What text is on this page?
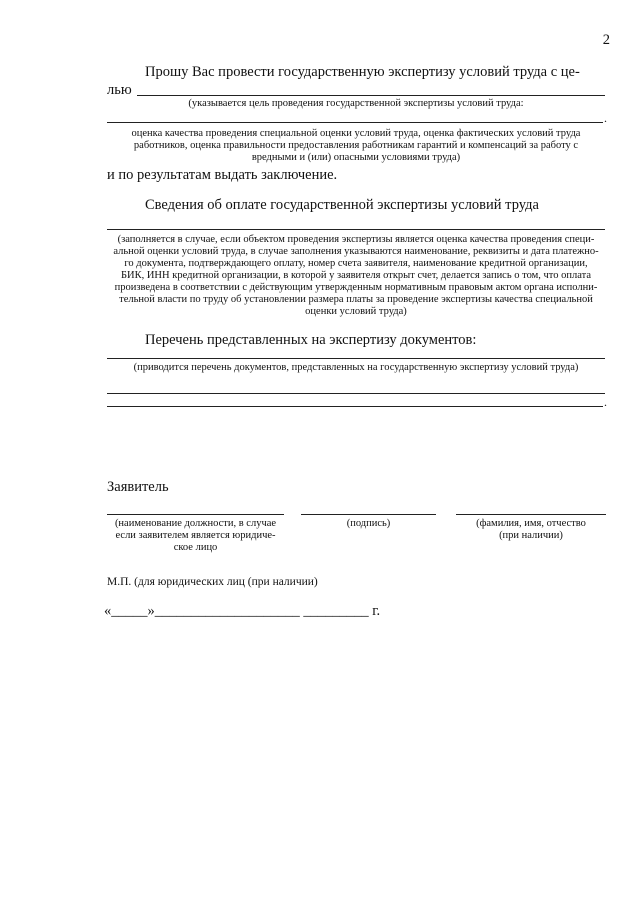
2
Прошу Вас провести государственную экспертизу условий труда с це-
лью
(указывается цель проведения государственной экспертизы условий труда:
.
оценка качества проведения специальной оценки условий труда, оценка фактических условий труда
работников, оценка правильности предоставления работникам гарантий и компенсаций за работу с
вредными и (или) опасными условиями труда)
и по результатам выдать заключение.
Сведения об оплате государственной экспертизы условий труда
(заполняется в случае, если объектом проведения экспертизы является оценка качества проведения специ-
альной оценки условий труда, в случае заполнения указываются наименование, реквизиты и дата платежно-
го документа, подтверждающего оплату, номер счета заявителя, наименование кредитной организации,
БИК, ИНН кредитной организации, в которой у заявителя открыт счет, делается запись о том, что оплата
произведена в соответствии с действующим утвержденным нормативным правовым актом органа исполни-
тельной власти по труду об установлении размера платы за проведение экспертизы качества специальной
оценки условий труда)
Перечень представленных на экспертизу документов:
(приводится перечень документов, представленных на государственную экспертизу условий труда)
.
Заявитель
(наименование должности, в случае
если заявителем является юридиче-
ское лицо
(подпись)	(фамилия, имя, отчество
(при наличии)
М.П. (для юридических лиц (при наличии)
«_____»____________________ _________ г.
